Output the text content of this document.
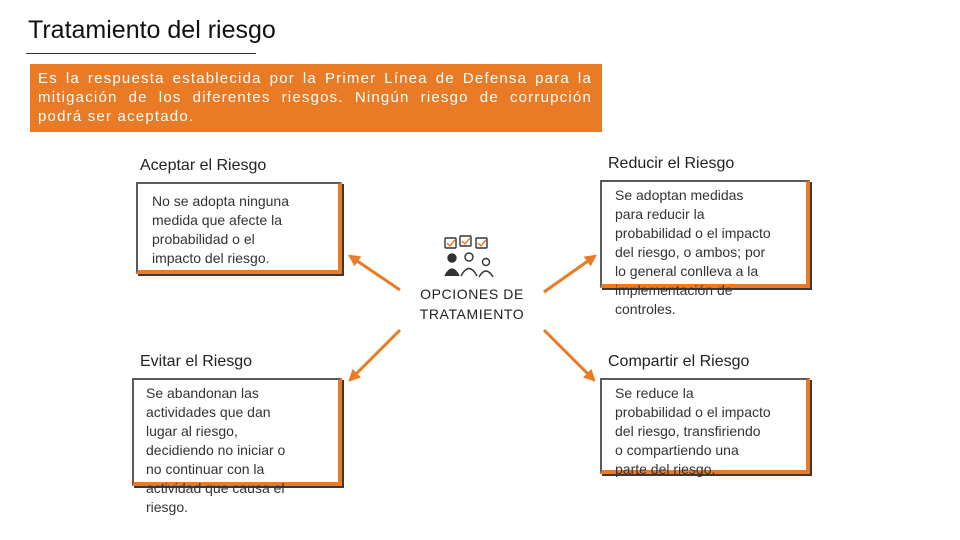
Tratamiento del riesgo
Es la respuesta establecida por la Primer Línea de Defensa para la mitigación de los diferentes riesgos. Ningún riesgo de corrupción podrá ser aceptado.
Aceptar el Riesgo
No se adopta ninguna
medida que afecte la
probabilidad o el
impacto del riesgo.
Reducir el Riesgo
Se adoptan medidas
para reducir la
probabilidad o el impacto
del riesgo, o ambos; por
lo general conlleva a la
implementación de
controles.
Evitar el Riesgo
Se abandonan las
actividades que dan
lugar al riesgo,
decidiendo no iniciar o
no continuar con la
actividad que causa el
riesgo.
Compartir el Riesgo
Se reduce la
probabilidad o el impacto
del riesgo, transfiriendo
o compartiendo una
parte del riesgo.
OPCIONES DE
TRATAMIENTO
